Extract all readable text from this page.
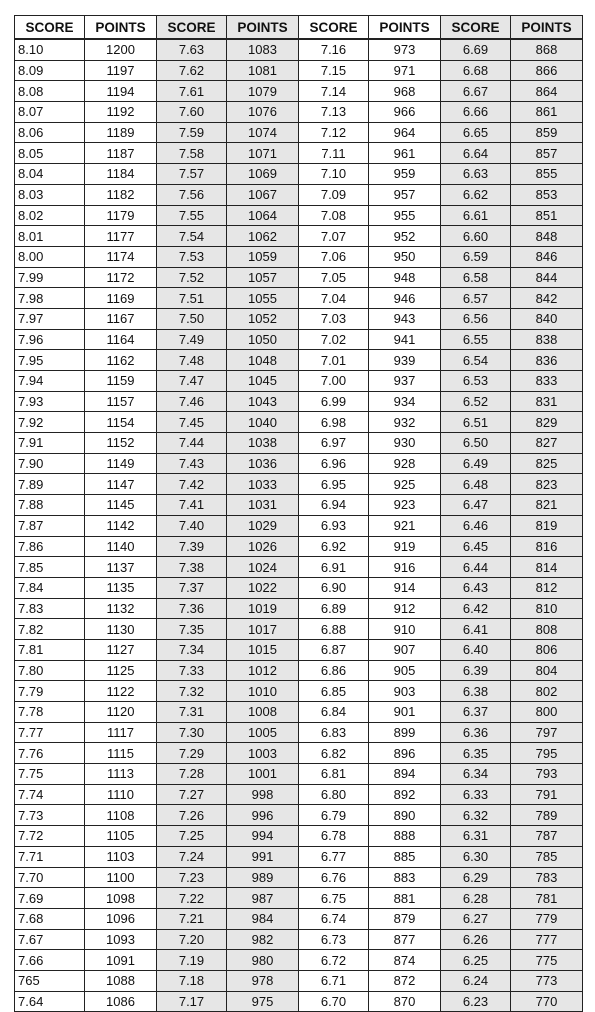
SCORE	POINTS	SCORE	POINTS	SCORE	POINTS	SCORE	POINTS
8.10	1200	7.63	1083	7.16	973	6.69	868
8.09	1197	7.62	1081	7.15	971	6.68	866
8.08	1194	7.61	1079	7.14	968	6.67	864
8.07	1192	7.60	1076	7.13	966	6.66	861
8.06	1189	7.59	1074	7.12	964	6.65	859
8.05	1187	7.58	1071	7.11	961	6.64	857
8.04	1184	7.57	1069	7.10	959	6.63	855
8.03	1182	7.56	1067	7.09	957	6.62	853
8.02	1179	7.55	1064	7.08	955	6.61	851
8.01	1177	7.54	1062	7.07	952	6.60	848
8.00	1174	7.53	1059	7.06	950	6.59	846
7.99	1172	7.52	1057	7.05	948	6.58	844
7.98	1169	7.51	1055	7.04	946	6.57	842
7.97	1167	7.50	1052	7.03	943	6.56	840
7.96	1164	7.49	1050	7.02	941	6.55	838
7.95	1162	7.48	1048	7.01	939	6.54	836
7.94	1159	7.47	1045	7.00	937	6.53	833
7.93	1157	7.46	1043	6.99	934	6.52	831
7.92	1154	7.45	1040	6.98	932	6.51	829
7.91	1152	7.44	1038	6.97	930	6.50	827
7.90	1149	7.43	1036	6.96	928	6.49	825
7.89	1147	7.42	1033	6.95	925	6.48	823
7.88	1145	7.41	1031	6.94	923	6.47	821
7.87	1142	7.40	1029	6.93	921	6.46	819
7.86	1140	7.39	1026	6.92	919	6.45	816
7.85	1137	7.38	1024	6.91	916	6.44	814
7.84	1135	7.37	1022	6.90	914	6.43	812
7.83	1132	7.36	1019	6.89	912	6.42	810
7.82	1130	7.35	1017	6.88	910	6.41	808
7.81	1127	7.34	1015	6.87	907	6.40	806
7.80	1125	7.33	1012	6.86	905	6.39	804
7.79	1122	7.32	1010	6.85	903	6.38	802
7.78	1120	7.31	1008	6.84	901	6.37	800
7.77	1117	7.30	1005	6.83	899	6.36	797
7.76	1115	7.29	1003	6.82	896	6.35	795
7.75	1113	7.28	1001	6.81	894	6.34	793
7.74	1110	7.27	998	6.80	892	6.33	791
7.73	1108	7.26	996	6.79	890	6.32	789
7.72	1105	7.25	994	6.78	888	6.31	787
7.71	1103	7.24	991	6.77	885	6.30	785
7.70	1100	7.23	989	6.76	883	6.29	783
7.69	1098	7.22	987	6.75	881	6.28	781
7.68	1096	7.21	984	6.74	879	6.27	779
7.67	1093	7.20	982	6.73	877	6.26	777
7.66	1091	7.19	980	6.72	874	6.25	775
765	1088	7.18	978	6.71	872	6.24	773
7.64	1086	7.17	975	6.70	870	6.23	770
